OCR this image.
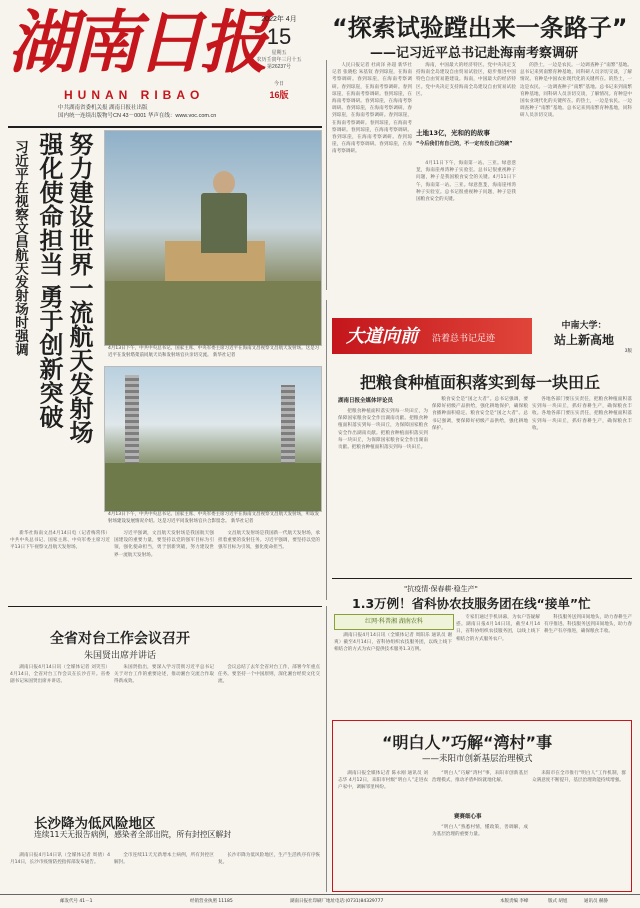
湖南日报
HUNAN RIBAO
中共湖南省委机关报 湖南日报社出版
国内统一连续出版物号CN 43－0001 华声在线：www.voc.com.cn
2022年 4月
15
星期五
农历壬寅年三月十五
第26237号
今日
16版
“探索试验蹚出来一条路子”
——记习近平总书记赴海南考察调研

人民日报记者 杜尚泽 孙超 新华社记者 张晓松 朱基钗 春到琼崖，在海南考察调研。春到琼崖，在海南考察调研。春到琼崖，在海南考察调研。春到琼崖，在海南考察调研。春到琼崖，在海南考察调研。春到琼崖，在海南考察调研。春到琼崖，在海南考察调研。春到琼崖，在海南考察调研。春到琼崖，在海南考察调研。春到琼崖，在海南考察调研。春到琼崖，在海南考察调研。春到琼崖，在海南考察调研。春到琼崖，在海南考察调研。春到琼崖，在海南考察调研。

海南，中国最大的经济特区。党中央决定支持海南全岛建设自由贸易试验区，稳步推进中国特色自由贸易港建设。海南，中国最大的经济特区。党中央决定支持海南全岛建设自由贸易试验区。

土地13亿，光和的的故事
“今后我们有自己的，不一定有没自己的碗”

4月11日下午，海南第一站。三亚。绿意葱茏，海南崖州湾种子实验室。总书记很重视种子问题，种子是我国粮食安全的关键。4月11日下午，海南第一站。三亚。绿意葱茏，海南崖州湾种子实验室。总书记很重视种子问题，种子是我国粮食安全的关键。

的热土，一边是农民。一边调查种子“南繁”基地。总书记来到南繁育种基地，同科研人员亲切交谈，了解情况。育种是中国农业现代化的关键所在。的热土，一边是农民。一边调查种子“南繁”基地。总书记来到南繁育种基地，同科研人员亲切交谈，了解情况。育种是中国农业现代化的关键所在。的热土，一边是农民。一边调查种子“南繁”基地。总书记来到南繁育种基地，同科研人员亲切交谈。

习近平在视察文昌航天发射场时强调 努力建设世界一流航天发射场
强化使命担当 勇于创新突破	4月13日下午，中共中央总书记、国家主席、中央军委主席习近平在海南文昌视察文昌航天发射场。这是习近平在发射塔架前同航天员和发射场官兵亲切交流。 新华社记者
4月13日下午，中共中央总书记、国家主席、中央军委主席习近平在海南文昌视察文昌航天发射场，听取发射场建设发展情况介绍。这是习近平同发射场官兵合影留念。 新华社记者

新华社海南文昌4月14日电（记者梅常伟）中共中央总书记、国家主席、中央军委主席习近平13日下午视察文昌航天发射场。

习近平强调，文昌航天发射场是我国航天强国建设的重要力量，要坚持以党的强军目标为引领，强化使命担当，勇于创新突破，努力建设世界一流航天发射场。

文昌航天发射场是我国新一代航天发射场，承担着重要的发射任务。习近平强调，要坚持以党的强军目标为引领，强化使命担当。

大道向前 沿着总书记足迹
中南大学：
站上新高地
3版
把粮食种植面积落实到每一块田丘
湖南日报全媒体评论员

把粮食种植面积落实到每一块田丘，为保障国家粮食安全作出湖南贡献。把粮食种植面积落实到每一块田丘，为保障国家粮食安全作出湖南贡献。把粮食种植面积落实到每一块田丘，为保障国家粮食安全作出湖南贡献。把粮食种植面积落实到每一块田丘。

粮食安全是“国之大者”。总书记强调，要保障好初级产品供给，强化耕地保护，确保粮食播种面积稳定。粮食安全是“国之大者”。总书记强调，要保障好初级产品供给，强化耕地保护。

各地各部门要压实责任，把粮食种植面积落实到每一块田丘，抓好春耕生产，确保粮食丰收。各地各部门要压实责任，把粮食种植面积落实到每一块田丘，抓好春耕生产，确保粮食丰收。

"抗疫情·保春耕·稳生产"
1.3万例！省科协农技服务团在线“接单”忙
红网·科普湘 湖南农科

湖南日报4月14日讯（全媒体记者 周阳乐 通讯员 谢爽）截至4月14日，省科协组织农技服务团，以线上线下相结合的方式为农户提供技术服务1.3万例。

专家们通过手机屏幕，为农户答疑解惑。湖南日报4月14日讯，截至4月14日，省科协组织农技服务团，以线上线下相结合的方式服务农户。

科技服务送到田间地头，助力春耕生产有序推进。科技服务送到田间地头，助力春耕生产有序推进，确保粮食丰收。

全省对台工作会议召开
朱国贤出席并讲话

湖南日报4月14日讯（全媒体记者 刘笑雪）4月14日，全省对台工作会议在长沙召开。省委副书记朱国贤出席并讲话。

朱国贤指出，要深入学习贯彻习近平总书记关于对台工作的重要论述，推动湘台交流合作取得新成效。

会议总结了去年全省对台工作，部署今年重点任务。要坚持一个中国原则，深化湘台经贸文化交流。

长沙降为低风险地区
连续11天无报告病例，感染者全部出院，所有封控区解封

湖南日报4月14日讯（全媒体记者 周倩）4月14日，长沙市疫情防控指挥部发布通告。

全市连续11天无新增本土病例，所有封控区解封。

长沙市降为低风险地区，生产生活秩序有序恢复。

“明白人”巧解“湾村”事
——耒阳市创新基层治理模式

湖南日报全媒体记者 陈永刚 通讯员 刘志华 4月12日，耒阳市村级“明白人”走进农户家中，调解邻里纠纷。

“明白人”巧解“湾村”事，耒阳市创新基层治理模式，推动矛盾纠纷就地化解。

赛赛细心事

“明白人”熟悉村情，懂政策，善调解，成为基层治理的重要力量。

耒阳市在全市推行“明白人”工作机制，群众满意度不断提升，基层治理效能持续增强。

邮发代号 41－1	经销营业执照 11185	湖南日报社印刷厂地址电话:(0731)84329777	本版责编 李峰	版式 胡旭	通讯员 赫静
